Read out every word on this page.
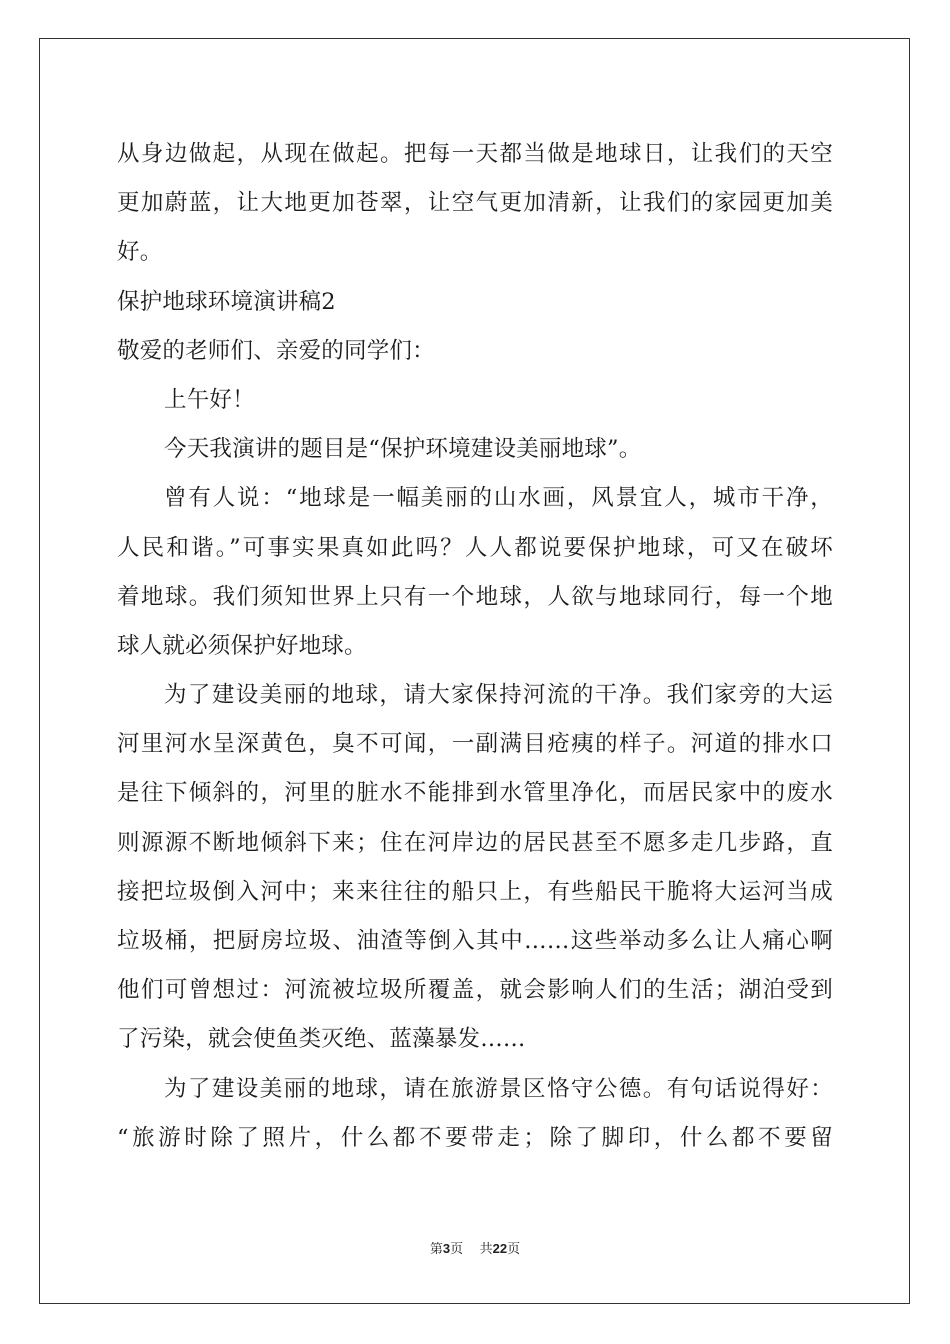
从身边做起，从现在做起。把每一天都当做是地球日，让我们的天空
更加蔚蓝，让大地更加苍翠，让空气更加清新，让我们的家园更加美
好。
保护地球环境演讲稿2
敬爱的老师们、亲爱的同学们：
上午好！
今天我演讲的题目是“保护环境建设美丽地球”。
曾有人说：“地球是一幅美丽的山水画，风景宜人，城市干净，
人民和谐。”可事实果真如此吗？人人都说要保护地球，可又在破坏
着地球。我们须知世界上只有一个地球，人欲与地球同行，每一个地
球人就必须保护好地球。
为了建设美丽的地球，请大家保持河流的干净。我们家旁的大运
河里河水呈深黄色，臭不可闻，一副满目疮痍的样子。河道的排水口
是往下倾斜的，河里的脏水不能排到水管里净化，而居民家中的废水
则源源不断地倾斜下来；住在河岸边的居民甚至不愿多走几步路，直
接把垃圾倒入河中；来来往往的船只上，有些船民干脆将大运河当成
垃圾桶，把厨房垃圾、油渣等倒入其中……这些举动多么让人痛心啊
他们可曾想过：河流被垃圾所覆盖，就会影响人们的生活；湖泊受到
了污染，就会使鱼类灭绝、蓝藻暴发……
为了建设美丽的地球，请在旅游景区恪守公德。有句话说得好：
“旅游时除了照片，什么都不要带走；除了脚印，什么都不要留
第3页 共22页
